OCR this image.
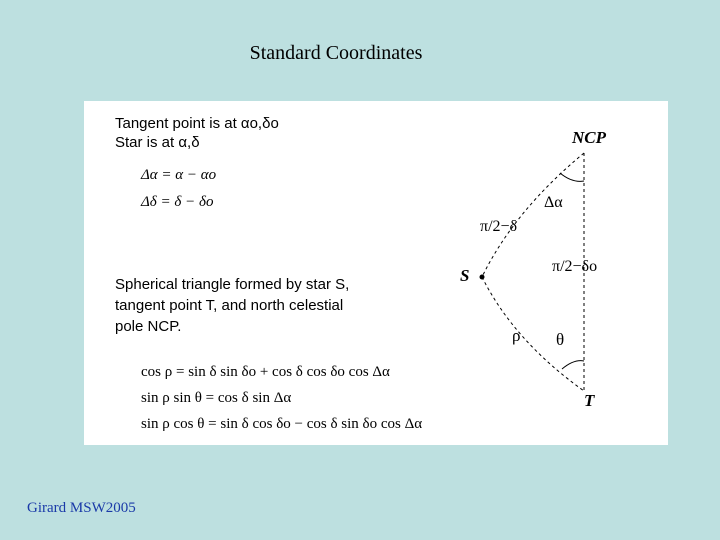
Standard Coordinates
Tangent point is at αo,δo
Star is at α,δ
Δα = α − αo
Δδ = δ − δo
Spherical triangle formed by star S,
tangent point T, and north celestial
pole NCP.
cos ρ = sin δ sin δo + cos δ cos δo cos Δα
sin ρ sin θ = cos δ sin Δα
sin ρ cos θ = sin δ cos δo − cos δ sin δo cos Δα
NCP
S
T
Δα
π/2−δ
π/2−δo
ρ θ
Girard MSW2005
